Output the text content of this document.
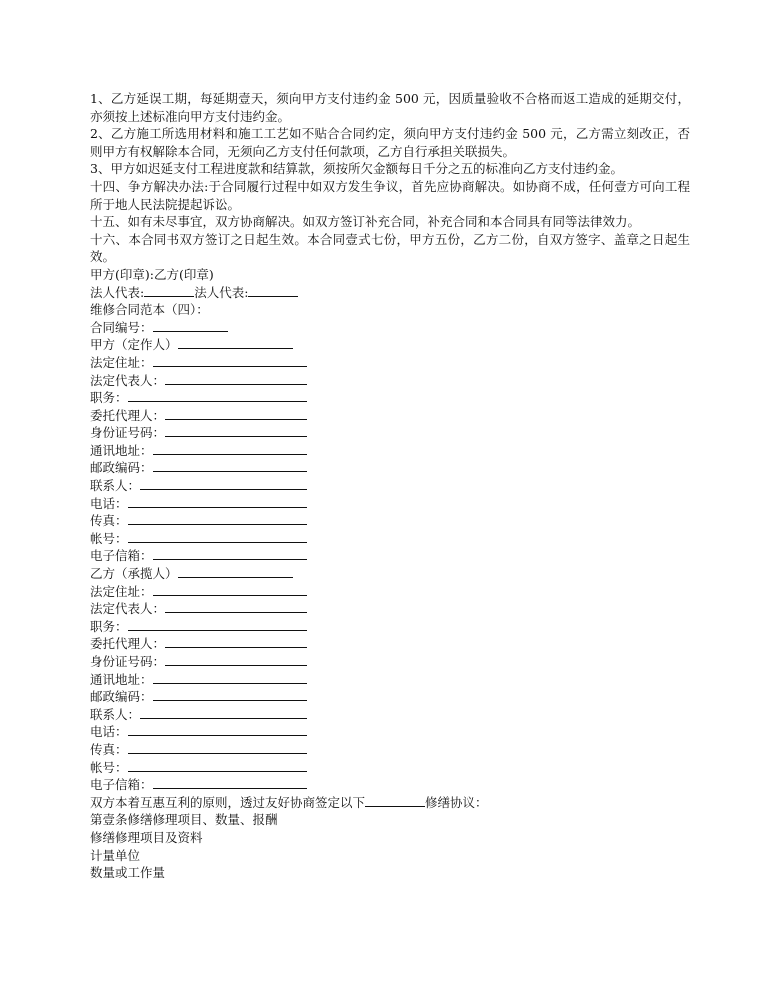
1、乙方延误工期，每延期壹天，须向甲方支付违约金 500 元，因质量验收不合格而返工造成的延期交付，亦须按上述标准向甲方支付违约金。
2、乙方施工所选用材料和施工工艺如不贴合合同约定，须向甲方支付违约金 500 元，乙方需立刻改正，否则甲方有权解除本合同，无须向乙方支付任何款项，乙方自行承担关联损失。
3、甲方如迟延支付工程进度款和结算款，须按所欠金额每日千分之五的标准向乙方支付违约金。
十四、争方解决办法:于合同履行过程中如双方发生争议，首先应协商解决。如协商不成，任何壹方可向工程所于地人民法院提起诉讼。
十五、如有未尽事宜，双方协商解决。如双方签订补充合同，补充合同和本合同具有同等法律效力。
十六、本合同书双方签订之日起生效。本合同壹式七份，甲方五份，乙方二份，自双方签字、盖章之日起生效。
甲方(印章):乙方(印章)
法人代表:	法人代表:
维修合同范本（四）：
合同编号：
甲方（定作人）
法定住址：
法定代表人：
职务：
委托代理人：
身份证号码：
通讯地址：
邮政编码：
联系人：
电话：
传真：
帐号：
电子信箱：
乙方（承揽人）
法定住址：
法定代表人：
职务：
委托代理人：
身份证号码：
通讯地址：
邮政编码：
联系人：
电话：
传真：
帐号：
电子信箱：
双方本着互惠互利的原则，透过友好协商签定以下	修缮协议：
第壹条修缮修理项目、数量、报酬
修缮修理项目及资料
计量单位
数量或工作量
